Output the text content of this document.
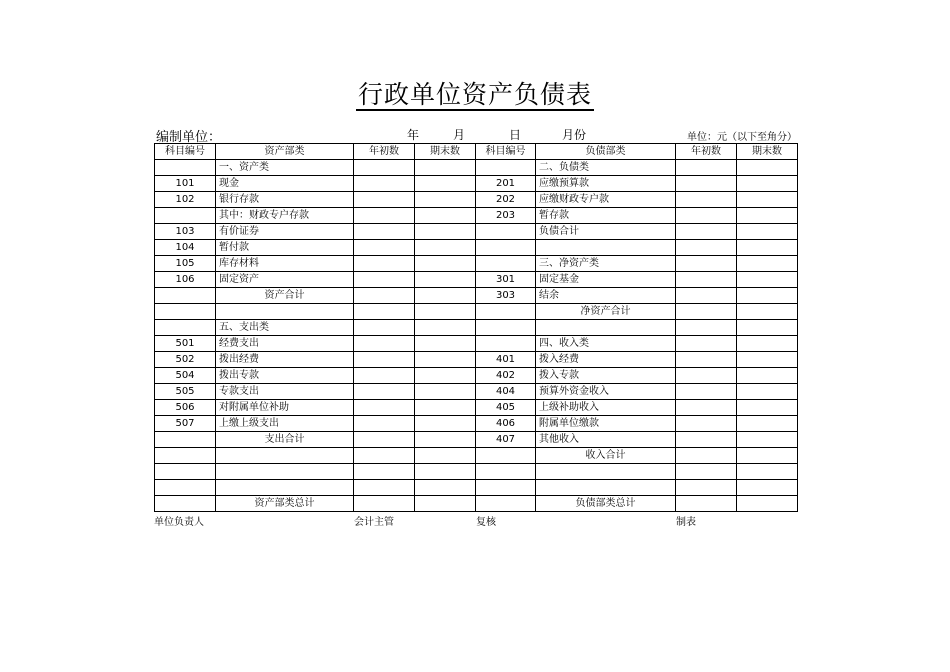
行政单位资产负债表
编制单位：	年	月	日	月份	单位：元（以下至角分）
科目编号	资产部类	年初数	期末数	科目编号	负债部类	年初数	期末数
	一、资产类				二、负债类		
101	现金			201	应缴预算款		
102	银行存款			202	应缴财政专户款		
	其中：财政专户存款			203	暂存款		
103	有价证券				负债合计		
104	暂付款						
105	库存材料				三、净资产类		
106	固定资产			301	固定基金		
	资产合计			303	结余		
					净资产合计		
	五、支出类						
501	经费支出				四、收入类		
502	拨出经费			401	拨入经费		
504	拨出专款			402	拨入专款		
505	专款支出			404	预算外资金收入		
506	对附属单位补助			405	上级补助收入		
507	上缴上级支出			406	附属单位缴款		
	支出合计			407	其他收入		
					收入合计		

	资产部类总计				负债部类总计		
单位负责人	会计主管	复核	制表
